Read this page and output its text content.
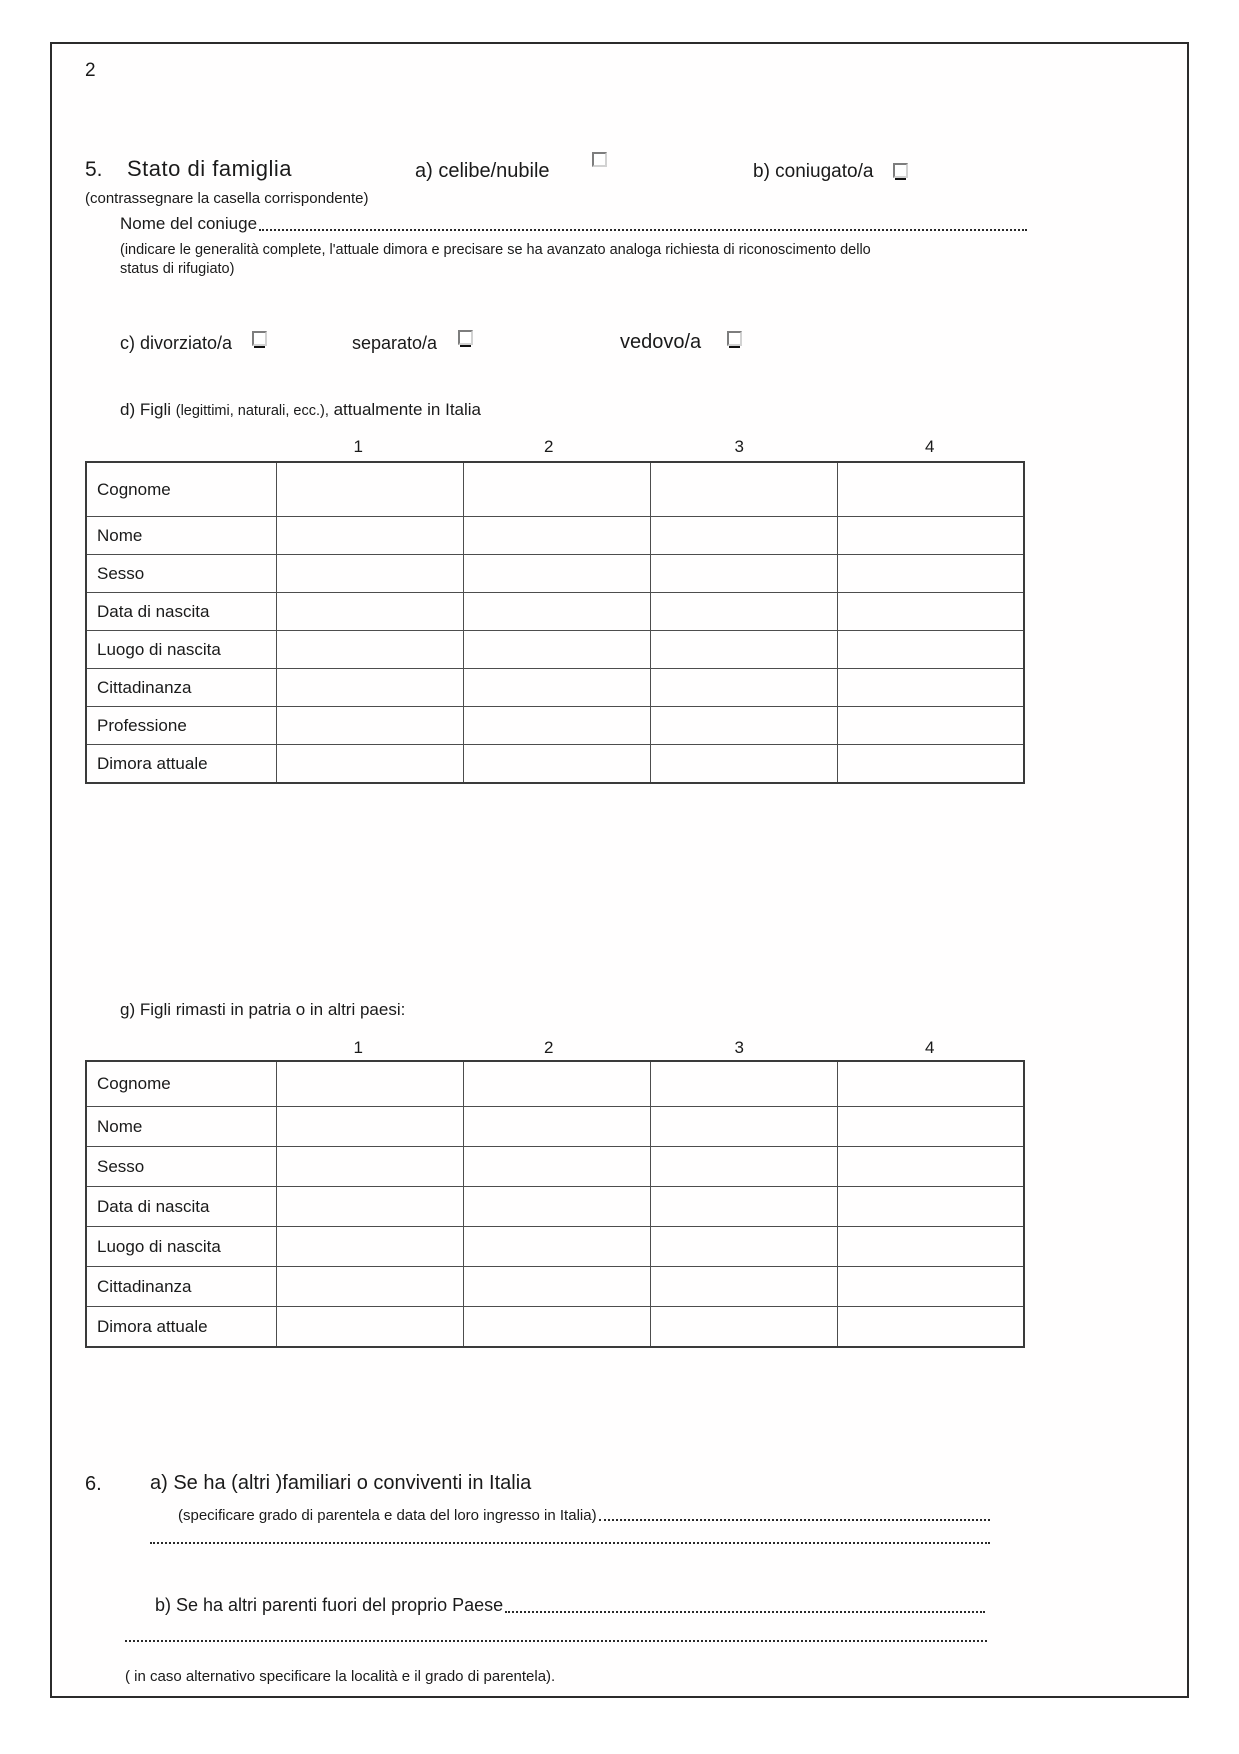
2
5. Stato di famiglia	a) celibe/nubile	b) coniugato/a
(contrassegnare la casella corrispondente)
Nome del coniuge
(indicare le generalità complete, l'attuale dimora e precisare se ha avanzato analoga richiesta di riconoscimento dello
status di rifugiato)
c) divorziato/a	separato/a	vedovo/a
d) Figli (legittimi, naturali, ecc.), attualmente in Italia
1	2	3	4
Cognome				
Nome				
Sesso				
Data di nascita				
Luogo di nascita				
Cittadinanza				
Professione				
Dimora attuale				
g) Figli rimasti in patria o in altri paesi:
1	2	3	4
Cognome				
Nome				
Sesso				
Data di nascita				
Luogo di nascita				
Cittadinanza				
Dimora attuale				
6. a) Se ha (altri )familiari o conviventi in Italia
(specificare grado di parentela e data del loro ingresso in Italia)
b) Se ha altri parenti fuori del proprio Paese
( in caso alternativo specificare la località e il grado di parentela).
